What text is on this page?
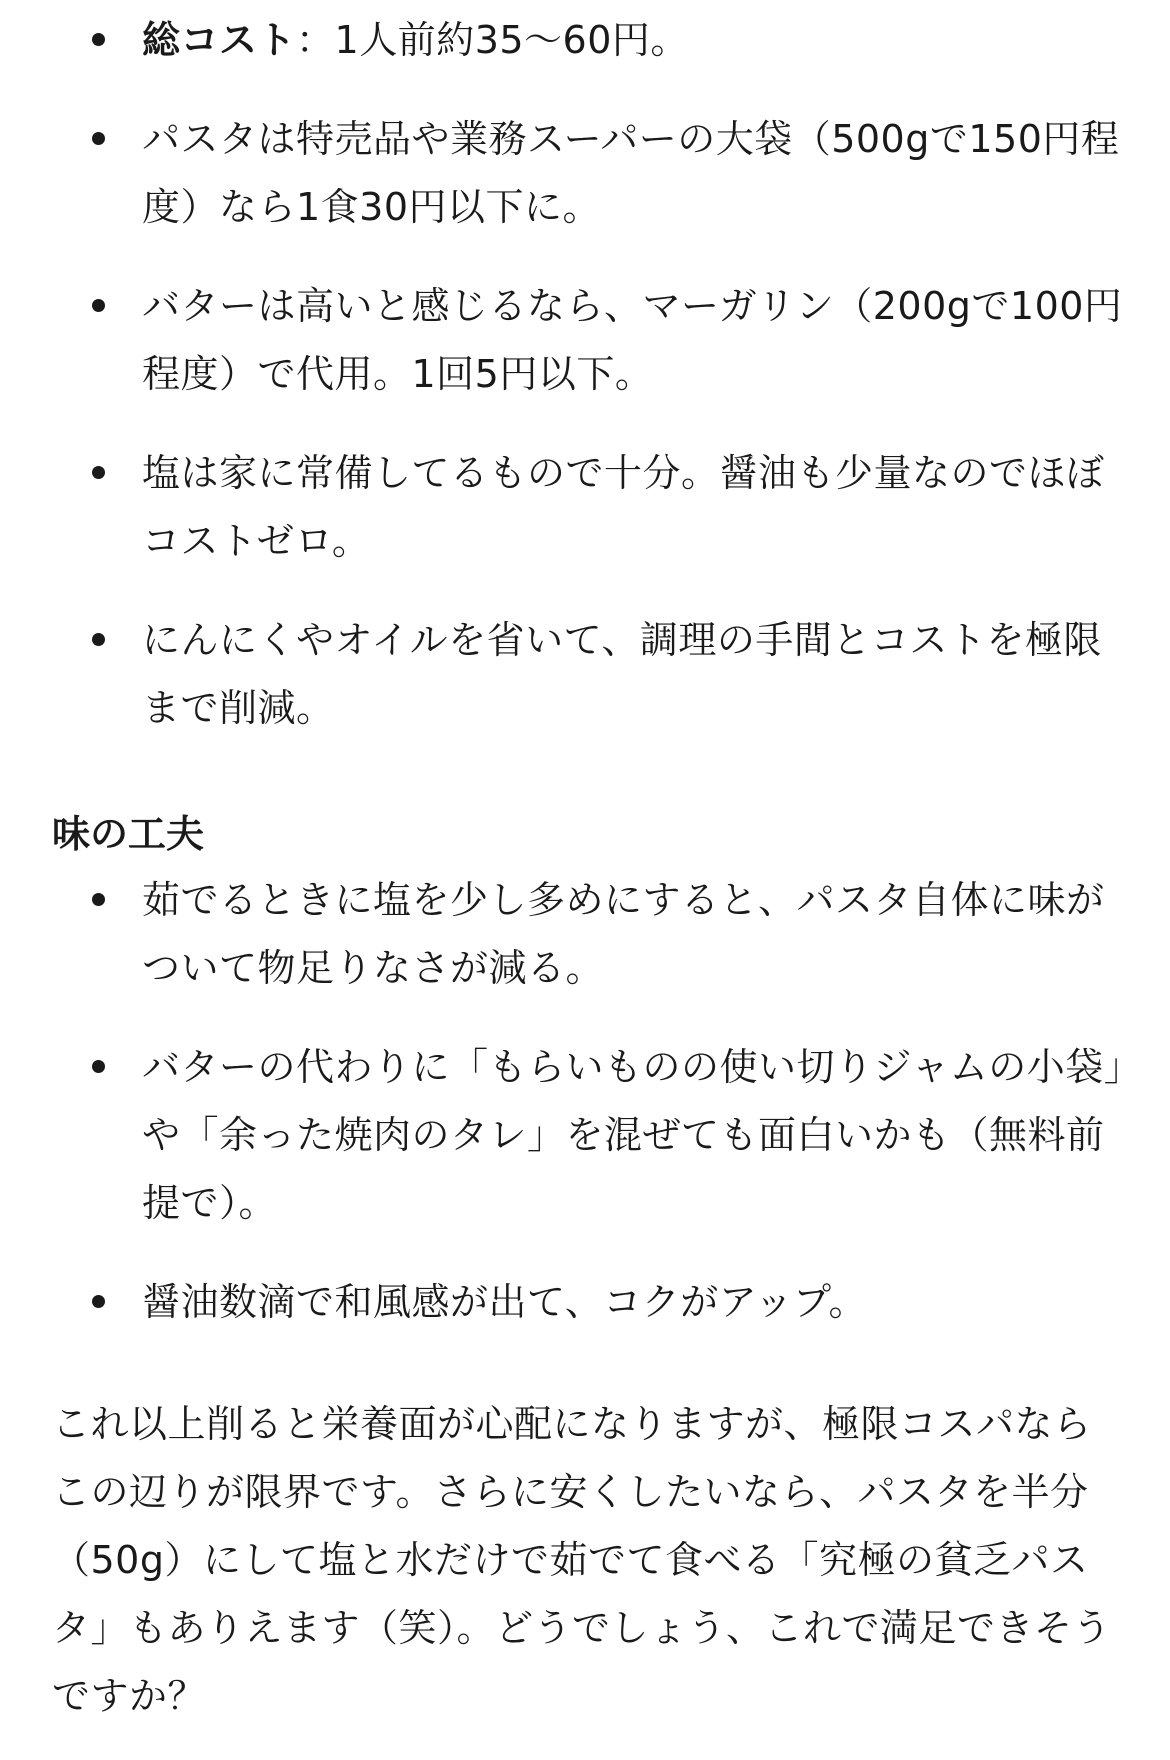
総コスト：1人前約35〜60円。
パスタは特売品や業務スーパーの大袋（500gで150円程度）なら1食30円以下に。
バターは高いと感じるなら、マーガリン（200gで100円程度）で代用。1回5円以下。
塩は家に常備してるもので十分。醤油も少量なのでほぼコストゼロ。
にんにくやオイルを省いて、調理の手間とコストを極限まで削減。

味の工夫

茹でるときに塩を少し多めにすると、パスタ自体に味がついて物足りなさが減る。
バターの代わりに「もらいものの使い切りジャムの小袋」や「余った焼肉のタレ」を混ぜても面白いかも（無料前提で）。
醤油数滴で和風感が出て、コクがアップ。

これ以上削ると栄養面が心配になりますが、極限コスパならこの辺りが限界です。さらに安くしたいなら、パスタを半分（50g）にして塩と水だけで茹でて食べる「究極の貧乏パスタ」もありえます（笑）。どうでしょう、これで満足できそうですか？
